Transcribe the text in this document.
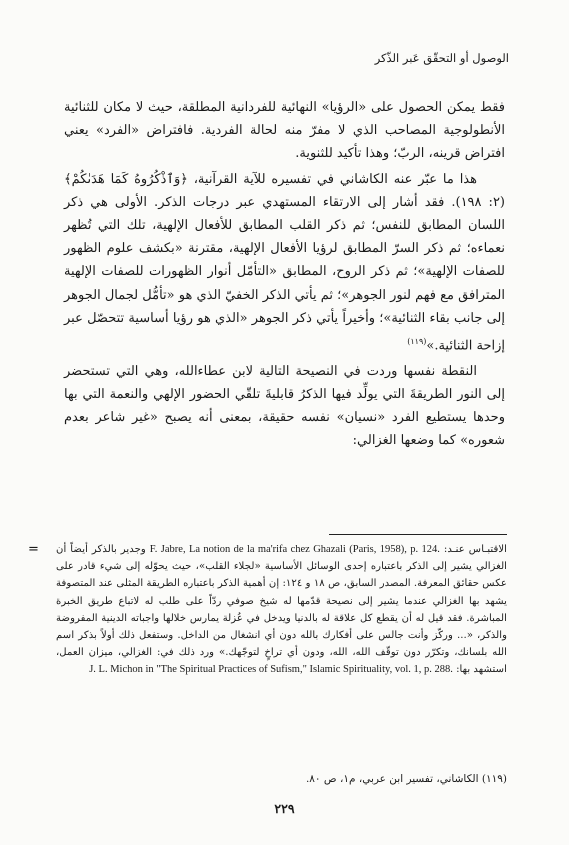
الوصول أو التحقّق عَبر الذّكر

فقط يمكن الحصول على «الرؤيا» النهائية للفردانية المطلقة، حيث لا مكان للثنائية الأنطولوجية المصاحب الذي لا مفرّ منه لحالة الفردية. فافتراض «الفرد» يعني افتراض قرينه، الربّ؛ وهذا تأكيد للثنوية.

هذا ما عبّر عنه الكاشاني في تفسيره للآية القرآنية، ﴿وَٱذْكُرُوهُ كَمَا هَدَىٰكُمْ﴾ (٢: ١٩٨). فقد أشار إلى الارتقاء المستهدي عبر درجات الذكر. الأولى هي ذكر اللسان المطابق للنفس؛ ثم ذكر القلب المطابق للأفعال الإلهية، تلك التي تُظهر نعماءه؛ ثم ذكر السرّ المطابق لرؤيا الأفعال الإلهية، مقترنة «بكشف علوم الظهور للصفات الإلهية»؛ ثم ذكر الروح، المطابق «التأمّل أنوار الظهورات للصفات الإلهية المترافق مع فهم لنور الجوهر»؛ ثم يأتي الذكر الخفيّ الذي هو «تأمُّل لجمال الجوهر إلى جانب بقاء الثنائية»؛ وأخيراً يأتي ذكر الجوهر «الذي هو رؤيا أساسية تتحصّل عبر إزاحة الثنائية.»$^{(١١٩)}$

النقطة نفسها وردت في النصيحة التالية لابن عطاءالله، وهي التي تستحضر إلى النور الطريقةَ التي يولِّد فيها الذكرُ قابليةَ تلقّي الحضور الإلهي والنعمة التي بها وحدها يستطيع الفرد «نسيان» نفسه حقيقة، بمعنى أنه يصبح «غير شاعر بعدم شعوره» كما وضعها الغزالي:

=	الاقتبـاس عنـد: F. Jabre, La notion de la ma'rifa chez Ghazali (Paris, 1958), p. 124. وجدير بالذكر أيضاً أن الغزالي يشير إلى الذكر باعتباره إحدى الوسائل الأساسية «لجلاء القلب»، حيث يحوّله إلى شيء قادر على عكس حقائق المعرفة. المصدر السابق، ص ١٨ و ١٢٤: إن أهمية الذكر باعتباره الطريقة المثلى عند المتصوفة يشهد بها الغزالي عندما يشير إلى نصيحة قدّمها له شيخ صوفي ردّاً على طلب له لاتباع طريق الخبرة المباشرة. فقد قيل له أن يقطع كل علاقة له بالدنيا ويدخل في عُزلة يمارس خلالها واجباته الدينية المفروضة والذكر، «... وركّز وأنت جالس على أفكارك بالله دون أي انشغال من الداخل. وستفعل ذلك أولاً بذكر اسم الله بلسانك، وتكرّر دون توقّف الله، الله، ودون أي تراخٍ لتوجّهك.» ورد ذلك في: الغزالي، ميزان العمل، استشهد بها: J. L. Michon in "The Spiritual Practices of Sufism," Islamic Spirituality, vol. 1, p. 288.

(١١٩) الكاشاني، تفسير ابن عربي، م١، ص ٨٠.
٢٢٩
